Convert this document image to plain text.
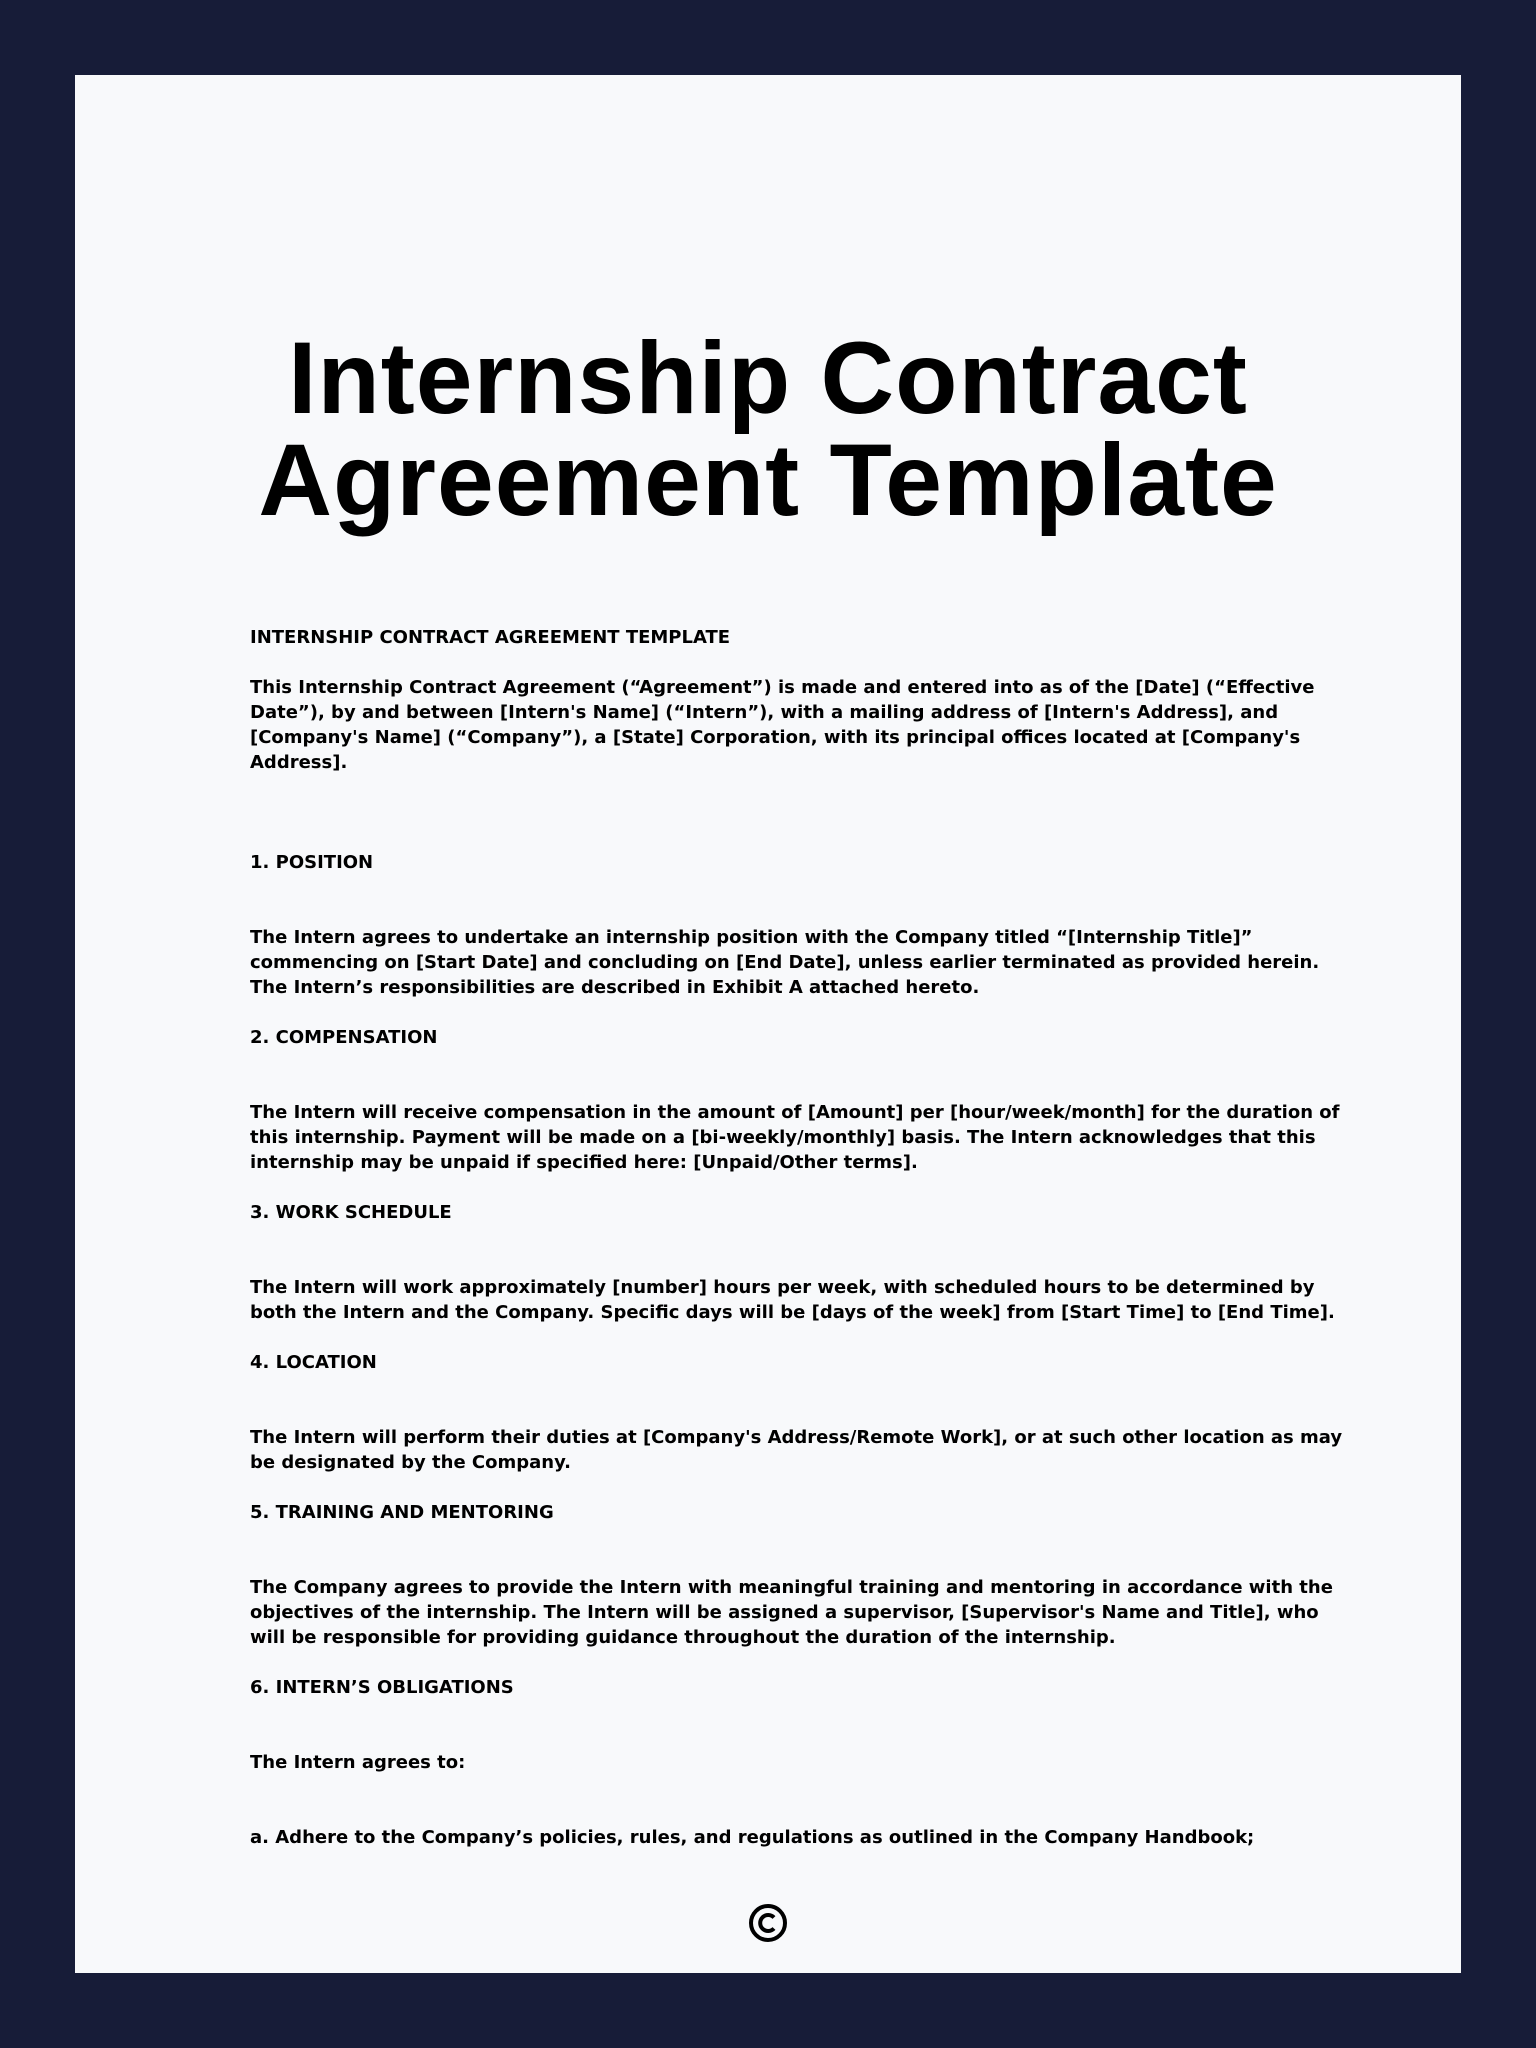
Internship Contract
Agreement Template

INTERNSHIP CONTRACT AGREEMENT TEMPLATE

This Internship Contract Agreement (“Agreement”) is made and entered into as of the [Date] (“Effective Date”), by and between [Intern's Name] (“Intern”), with a mailing address of [Intern's Address], and [Company's Name] (“Company”), a [State] Corporation, with its principal offices located at [Company's Address].

1. POSITION

The Intern agrees to undertake an internship position with the Company titled “[Internship Title]” commencing on [Start Date] and concluding on [End Date], unless earlier terminated as provided herein. The Intern’s responsibilities are described in Exhibit A attached hereto.

2. COMPENSATION

The Intern will receive compensation in the amount of [Amount] per [hour/week/month] for the duration of this internship. Payment will be made on a [bi-weekly/monthly] basis. The Intern acknowledges that this internship may be unpaid if specified here: [Unpaid/Other terms].

3. WORK SCHEDULE

The Intern will work approximately [number] hours per week, with scheduled hours to be determined by both the Intern and the Company. Specific days will be [days of the week] from [Start Time] to [End Time].

4. LOCATION

The Intern will perform their duties at [Company's Address/Remote Work], or at such other location as may be designated by the Company.

5. TRAINING AND MENTORING

The Company agrees to provide the Intern with meaningful training and mentoring in accordance with the objectives of the internship. The Intern will be assigned a supervisor, [Supervisor's Name and Title], who will be responsible for providing guidance throughout the duration of the internship.

6. INTERN’S OBLIGATIONS

The Intern agrees to:

a. Adhere to the Company’s policies, rules, and regulations as outlined in the Company Handbook;
